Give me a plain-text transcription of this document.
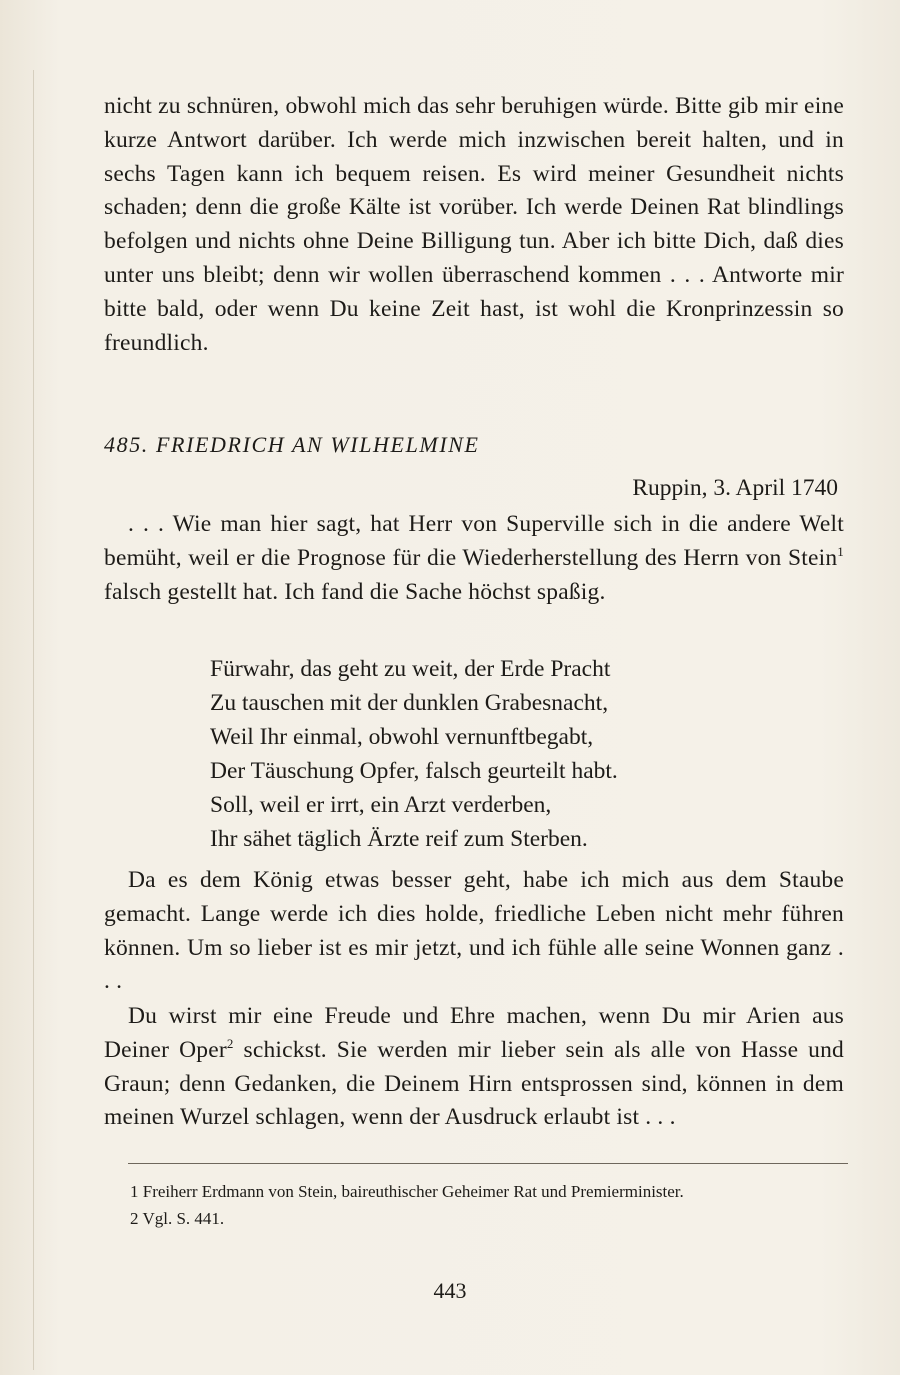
nicht zu schnüren, obwohl mich das sehr beruhigen würde. Bitte gib mir eine kurze Antwort darüber. Ich werde mich inzwischen bereit halten, und in sechs Tagen kann ich bequem reisen. Es wird meiner Gesundheit nichts schaden; denn die große Kälte ist vorüber. Ich werde Deinen Rat blindlings befolgen und nichts ohne Deine Billigung tun. Aber ich bitte Dich, daß dies unter uns bleibt; denn wir wollen überraschend kommen . . . Antworte mir bitte bald, oder wenn Du keine Zeit hast, ist wohl die Kronprinzessin so freundlich.
485. FRIEDRICH AN WILHELMINE
Ruppin, 3. April 1740
. . . Wie man hier sagt, hat Herr von Superville sich in die andere Welt bemüht, weil er die Prognose für die Wiederherstellung des Herrn von Stein$^1$ falsch gestellt hat. Ich fand die Sache höchst spaßig.
Fürwahr, das geht zu weit, der Erde Pracht
Zu tauschen mit der dunklen Grabesnacht,
Weil Ihr einmal, obwohl vernunftbegabt,
Der Täuschung Opfer, falsch geurteilt habt.
Soll, weil er irrt, ein Arzt verderben,
Ihr sähet täglich Ärzte reif zum Sterben.
Da es dem König etwas besser geht, habe ich mich aus dem Staube gemacht. Lange werde ich dies holde, friedliche Leben nicht mehr führen können. Um so lieber ist es mir jetzt, und ich fühle alle seine Wonnen ganz . . .
Du wirst mir eine Freude und Ehre machen, wenn Du mir Arien aus Deiner Oper$^2$ schickst. Sie werden mir lieber sein als alle von Hasse und Graun; denn Gedanken, die Deinem Hirn entsprossen sind, können in dem meinen Wurzel schlagen, wenn der Ausdruck erlaubt ist . . .
1 Freiherr Erdmann von Stein, baireuthischer Geheimer Rat und Premierminister.
2 Vgl. S. 441.
443
